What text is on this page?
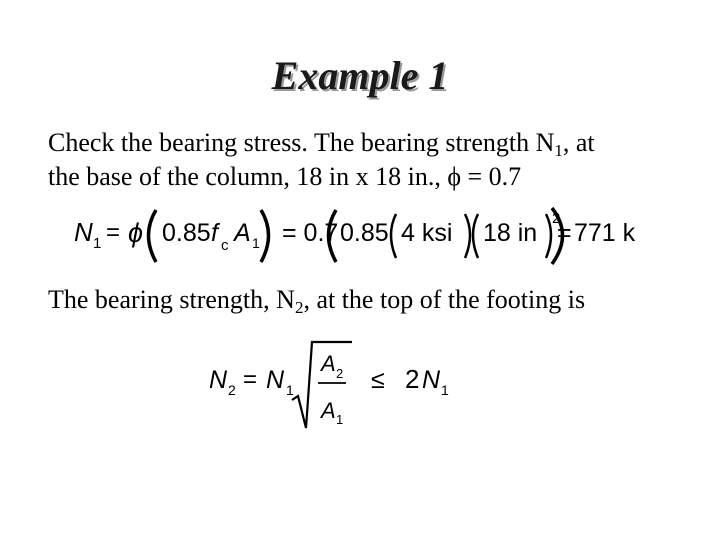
Example 1
Check the bearing stress. The bearing strength $N_1$, at
the base of the column, 18 in x 18 in., ϕ = 0.7
N 1 = ϕ 0.85 f c A 1 = 0.7 0.85 4 ksi 18 in
2
= 771 k
The bearing strength, $N_2$, at the top of the footing is
N 2 = N 1
A 2
A 1
≤ 2 N 1
